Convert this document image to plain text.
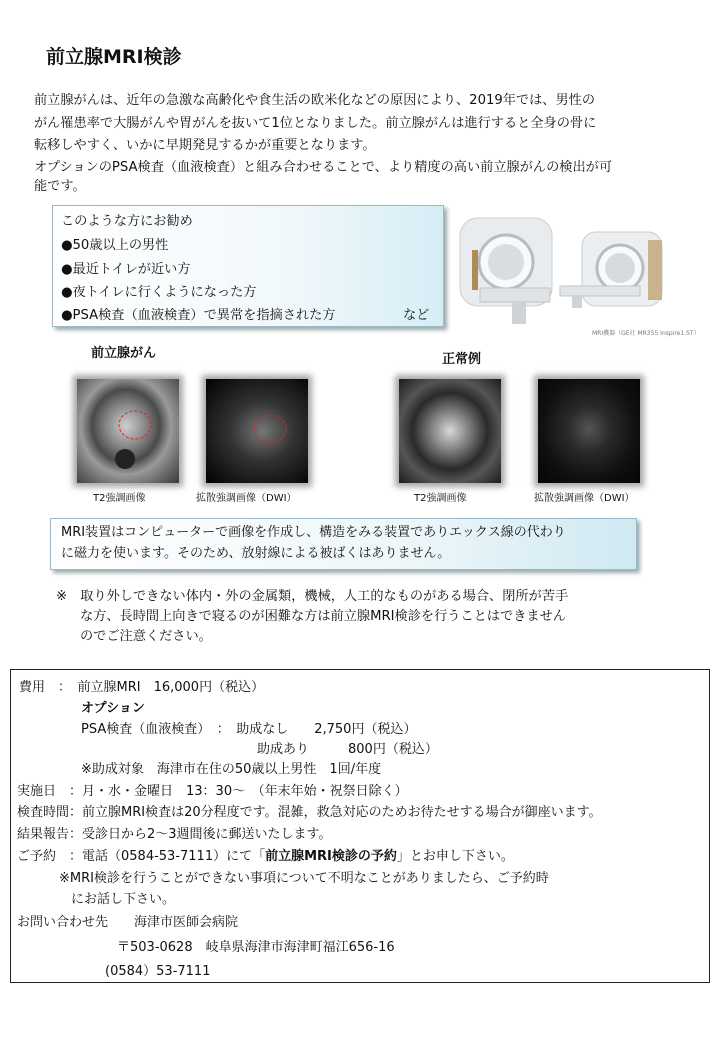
前立腺MRI検診

前立腺がんは、近年の急激な高齢化や食生活の欧米化などの原因により、2019年では、男性の

がん罹患率で大腸がんや胃がんを抜いて1位となりました。前立腺がんは進行すると全身の骨に

転移しやすく、いかに早期発見するかが重要となります。

オプションのPSA検査（血液検査）と組み合わせることで、より精度の高い前立腺がんの検出が可

能です。

このような方にお勧め
●50歳以上の男性
●最近トイレが近い方
●夜トイレに行くようになった方
●PSA検査（血液検査）で異常を指摘された方	など
MRI機器（GE社 MR355 Inspire1.5T）
前立腺がん	正常例
T2強調画像	拡散強調画像（DWI）	T2強調画像	拡散強調画像（DWI）

MRI装置はコンピューターで画像を作成し、構造をみる装置でありエックス線の代わり

に磁力を使います。そのため、放射線による被ばくはありません。

※　取り外しできない体内・外の金属類，機械，人工的なものがある場合、閉所が苦手

な方、長時間上向きで寝るのが困難な方は前立腺MRI検診を行うことはできません

のでご注意ください。

費用　：　前立腺MRI　16,000円（税込）
オプション
PSA検査（血液検査）　：　助成なし　　2,750円（税込）
助成あり　　　800円（税込）
※助成対象　海津市在住の50歳以上男性　1回/年度
実施日　：月・水・金曜日　13：30～　（年末年始・祝祭日除く）
検査時間：前立腺MRI検査は20分程度です。混雑，救急対応のためお待たせする場合が御座います。
結果報告：受診日から2～3週間後に郵送いたします。
ご予約　：電話（0584-53-7111）にて「前立腺MRI検診の予約」とお申し下さい。
※MRI検診を行うことができない事項について不明なことがありましたら、ご予約時
にお話し下さい。
お問い合わせ先　　海津市医師会病院
〒503-0628　岐阜県海津市海津町福江656-16
(0584）53-7111
